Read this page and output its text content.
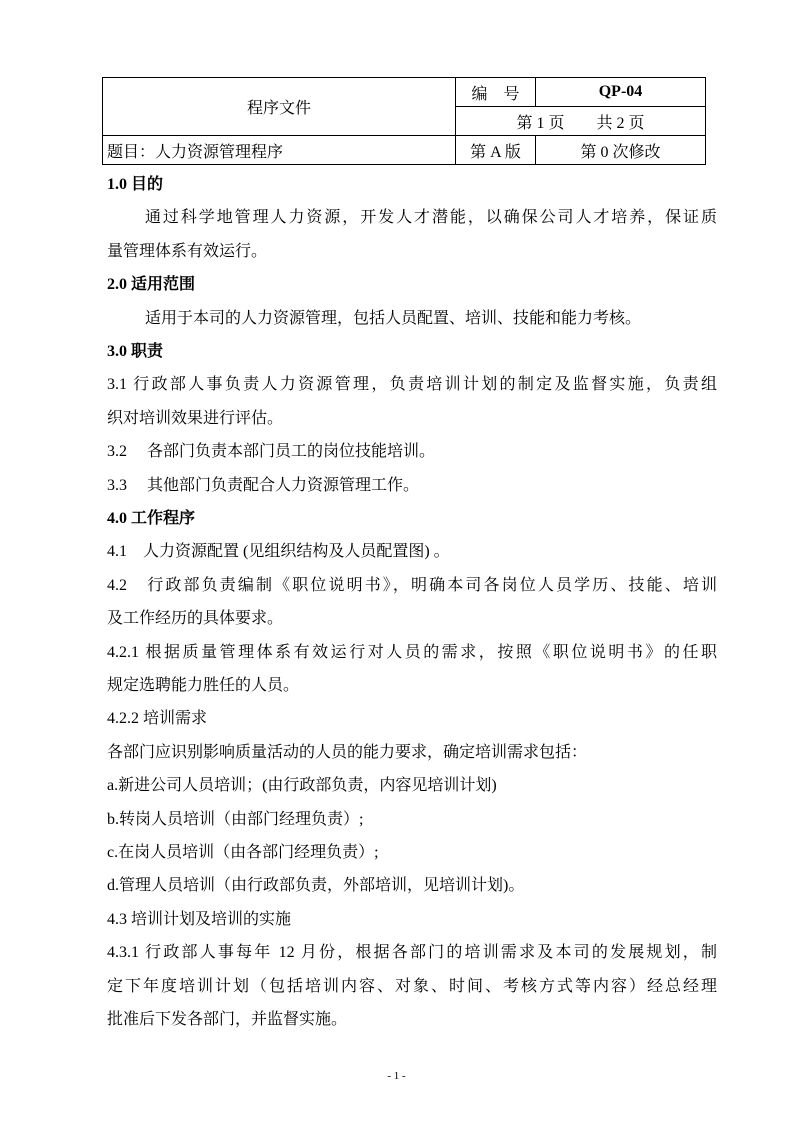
程序文件	编　号	QP-04
	第 1 页　　共 2 页	
题目：人力资源管理程序	第 A 版	第 0 次修改
1.0 目的
通过科学地管理人力资源，开发人才潜能，以确保公司人才培养，保证质
量管理体系有效运行。
2.0 适用范围
适用于本司的人力资源管理，包括人员配置、培训、技能和能力考核。
3.0 职责
3.1 行政部人事负责人力资源管理，负责培训计划的制定及监督实施，负责组
织对培训效果进行评估。
3.2　 各部门负责本部门员工的岗位技能培训。
3.3　 其他部门负责配合人力资源管理工作。
4.0 工作程序
4.1　人力资源配置 (见组织结构及人员配置图) 。
4.2　行政部负责编制《职位说明书》，明确本司各岗位人员学历、技能、培训
及工作经历的具体要求。
4.2.1 根据质量管理体系有效运行对人员的需求，按照《职位说明书》的任职
规定选聘能力胜任的人员。
4.2.2 培训需求
各部门应识别影响质量活动的人员的能力要求，确定培训需求包括：
a.新进公司人员培训；(由行政部负责，内容见培训计划)
b.转岗人员培训（由部门经理负责）;
c.在岗人员培训（由各部门经理负责）;
d.管理人员培训（由行政部负责，外部培训，见培训计划)。
4.3 培训计划及培训的实施
4.3.1 行政部人事每年 12 月份，根据各部门的培训需求及本司的发展规划，制
定下年度培训计划（包括培训内容、对象、时间、考核方式等内容）经总经理
批准后下发各部门，并监督实施。
- 1 -
